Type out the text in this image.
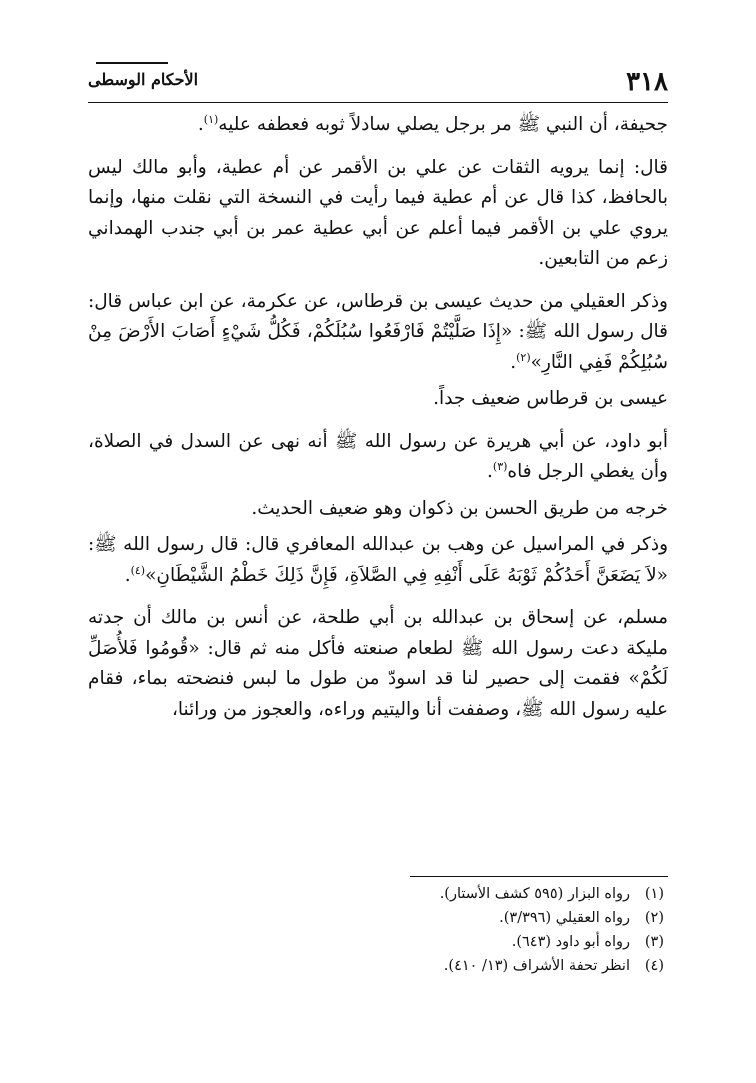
٣١٨
الأحكام الوسطى

جحيفة، أن النبي ﷺ مر برجل يصلي سادلاً ثوبه فعطفه عليه$^{(١)}$.

قال: إنما يرويه الثقات عن علي بن الأقمر عن أم عطية، وأبو مالك ليس بالحافظ، كذا قال عن أم عطية فيما رأيت في النسخة التي نقلت منها، وإنما يروي علي بن الأقمر فيما أعلم عن أبي عطية عمر بن أبي جندب الهمداني زعم من التابعين.

وذكر العقيلي من حديث عيسى بن قرطاس، عن عكرمة، عن ابن عباس قال: قال رسول الله ﷺ: «إِذَا صَلَّيْتُمْ فَارْفَعُوا سُبُلَكُمْ، فَكُلُّ شَيْءٍ أَصَابَ الأَرْضَ مِنْ سُبُلِكُمْ فَفِي النَّارِ»$^{(٢)}$.

عيسى بن قرطاس ضعيف جداً.

أبو داود، عن أبي هريرة عن رسول الله ﷺ أنه نهى عن السدل في الصلاة، وأن يغطي الرجل فاه$^{(٣)}$.

خرجه من طريق الحسن بن ذكوان وهو ضعيف الحديث.

وذكر في المراسيل عن وهب بن عبدالله المعافري قال: قال رسول الله ﷺ: «لاَ يَضَعَنَّ أَحَدُكُمْ ثَوْبَهُ عَلَى أَنْفِهِ فِي الصَّلاَةِ، فَإِنَّ ذَلِكَ خَطْمُ الشَّيْطَانِ»$^{(٤)}$.

مسلم، عن إسحاق بن عبدالله بن أبي طلحة، عن أنس بن مالك أن جدته مليكة دعت رسول الله ﷺ لطعام صنعته فأكل منه ثم قال: «قُومُوا فَلأُصَلِّ لَكُمْ» فقمت إلى حصير لنا قد اسودّ من طول ما لبس فنضحته بماء، فقام عليه رسول الله ﷺ، وصففت أنا واليتيم وراءه، والعجوز من ورائنا،

(١)رواه البزار (٥٩٥ كشف الأستار).

(٢)رواه العقيلي (٣/٣٩٦).

(٣)رواه أبو داود (٦٤٣).

(٤)انظر تحفة الأشراف (١٣/ ٤١٠).
